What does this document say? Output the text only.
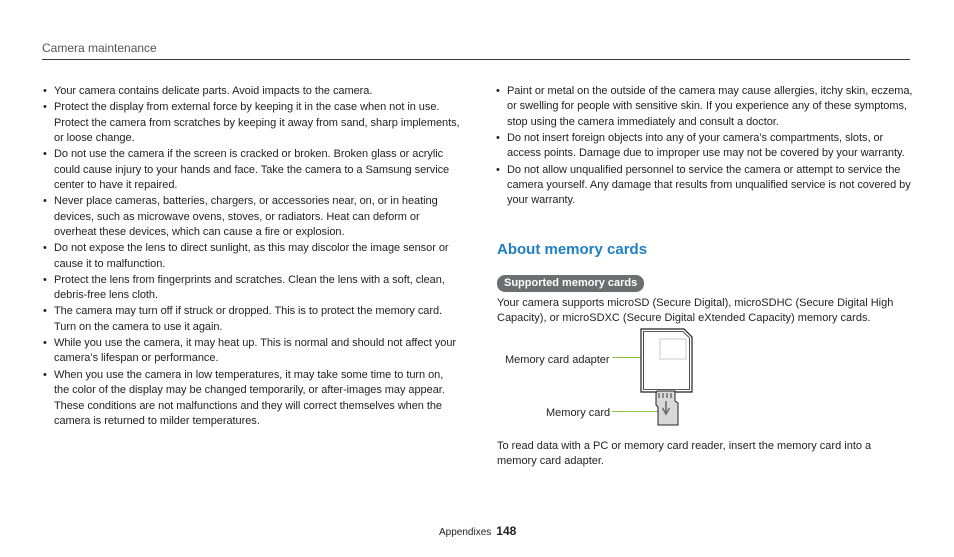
Camera maintenance
• Your camera contains delicate parts. Avoid impacts to the camera.
• Protect the display from external force by keeping it in the case when not in use. Protect the camera from scratches by keeping it away from sand, sharp implements, or loose change.
• Do not use the camera if the screen is cracked or broken. Broken glass or acrylic could cause injury to your hands and face. Take the camera to a Samsung service center to have it repaired.
• Never place cameras, batteries, chargers, or accessories near, on, or in heating devices, such as microwave ovens, stoves, or radiators. Heat can deform or overheat these devices, which can cause a fire or explosion.
• Do not expose the lens to direct sunlight, as this may discolor the image sensor or cause it to malfunction.
• Protect the lens from fingerprints and scratches. Clean the lens with a soft, clean, debris-free lens cloth.
• The camera may turn off if struck or dropped. This is to protect the memory card. Turn on the camera to use it again.
• While you use the camera, it may heat up. This is normal and should not affect your camera’s lifespan or performance.
• When you use the camera in low temperatures, it may take some time to turn on, the color of the display may be changed temporarily, or after-images may appear. These conditions are not malfunctions and they will correct themselves when the camera is returned to milder temperatures.
• Paint or metal on the outside of the camera may cause allergies, itchy skin, eczema, or swelling for people with sensitive skin. If you experience any of these symptoms, stop using the camera immediately and consult a doctor.
• Do not insert foreign objects into any of your camera’s compartments, slots, or access points. Damage due to improper use may not be covered by your warranty.
• Do not allow unqualified personnel to service the camera or attempt to service the camera yourself. Any damage that results from unqualified service is not covered by your warranty.
About memory cards
Supported memory cards

Your camera supports microSD (Secure Digital), microSDHC (Secure Digital High Capacity), or microSDXC (Secure Digital eXtended Capacity) memory cards.

Memory card adapter
Memory card

To read data with a PC or memory card reader, insert the memory card into a memory card adapter.

Appendixes 148
